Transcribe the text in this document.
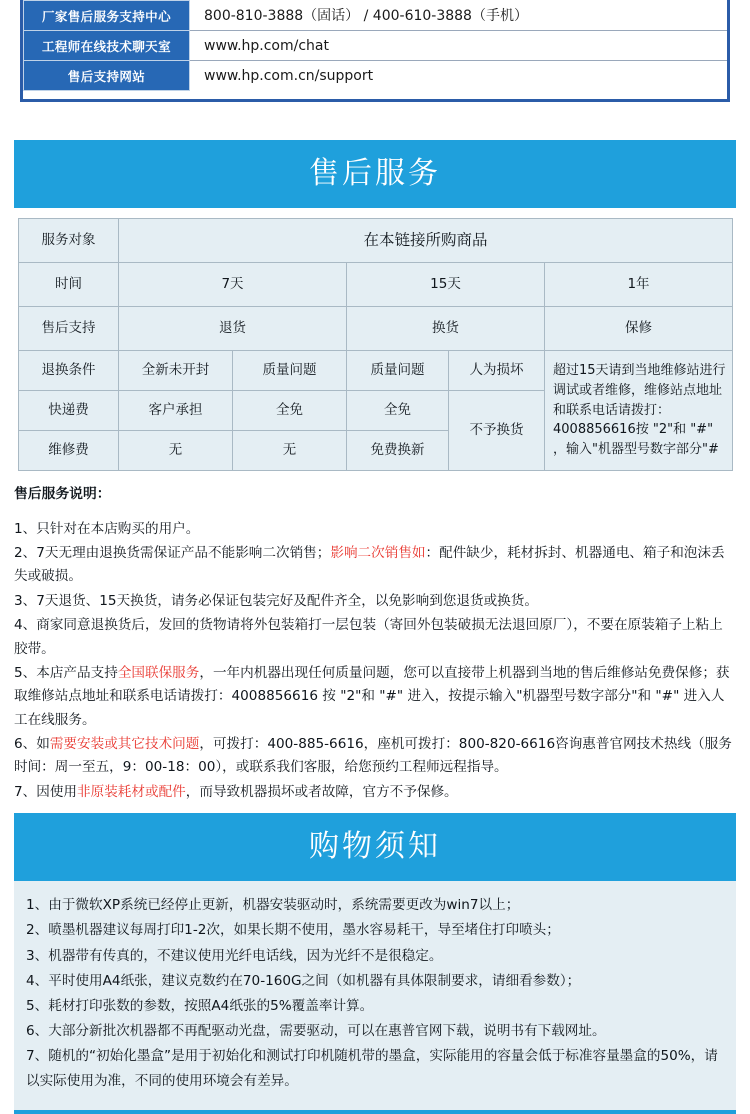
厂家售后服务支持中心	800-810-3888（固话） / 400-610-3888（手机）
工程师在线技术聊天室	www.hp.com/chat
售后支持网站	www.hp.com.cn/support
售后服务
服务对象	在本链接所购商品				
时间	7天		15天		1年
售后支持	退货		换货		保修
退换条件	全新未开封	质量问题	质量问题	人为损坏	超过15天请到当地维修站进行调试或者维修，维修站点地址和联系电话请拨打：4008856616按 "2"和 "#" ，输入"机器型号数字部分"#
快递费	客户承担	全免	全免	不予换货	
维修费	无	无	免费换新		
售后服务说明：

1、只针对在本店购买的用户。

2、7天无理由退换货需保证产品不能影响二次销售；影响二次销售如：配件缺少，耗材拆封、机器通电、箱子和泡沫丢失或破损。

3、7天退货、15天换货，请务必保证包装完好及配件齐全，以免影响到您退货或换货。

4、商家同意退换货后，发回的货物请将外包装箱打一层包装（寄回外包装破损无法退回原厂），不要在原装箱子上粘上胶带。

5、本店产品支持全国联保服务，一年内机器出现任何质量问题，您可以直接带上机器到当地的售后维修站免费保修；获取维修站点地址和联系电话请拨打：4008856616 按 "2"和 "#" 进入，按提示输入"机器型号数字部分"和 "#" 进入人工在线服务。

6、如需要安装或其它技术问题，可拨打：400-885-6616，座机可拨打：800-820-6616咨询惠普官网技术热线（服务时间：周一至五，9：00-18：00），或联系我们客服，给您预约工程师远程指导。

7、因使用非原装耗材或配件，而导致机器损坏或者故障，官方不予保修。

购物须知

1、由于微软XP系统已经停止更新，机器安装驱动时，系统需要更改为win7以上；

2、喷墨机器建议每周打印1-2次，如果长期不使用，墨水容易耗干，导至堵住打印喷头；

3、机器带有传真的，不建议使用光纤电话线，因为光纤不是很稳定。

4、平时使用A4纸张，建议克数约在70-160G之间（如机器有具体限制要求，请细看参数）；

5、耗材打印张数的参数，按照A4纸张的5%覆盖率计算。

6、大部分新批次机器都不再配驱动光盘，需要驱动，可以在惠普官网下载，说明书有下载网址。

7、随机的“初始化墨盒”是用于初始化和测试打印机随机带的墨盒，实际能用的容量会低于标准容量墨盒的50%，请以实际使用为准，不同的使用环境会有差异。
